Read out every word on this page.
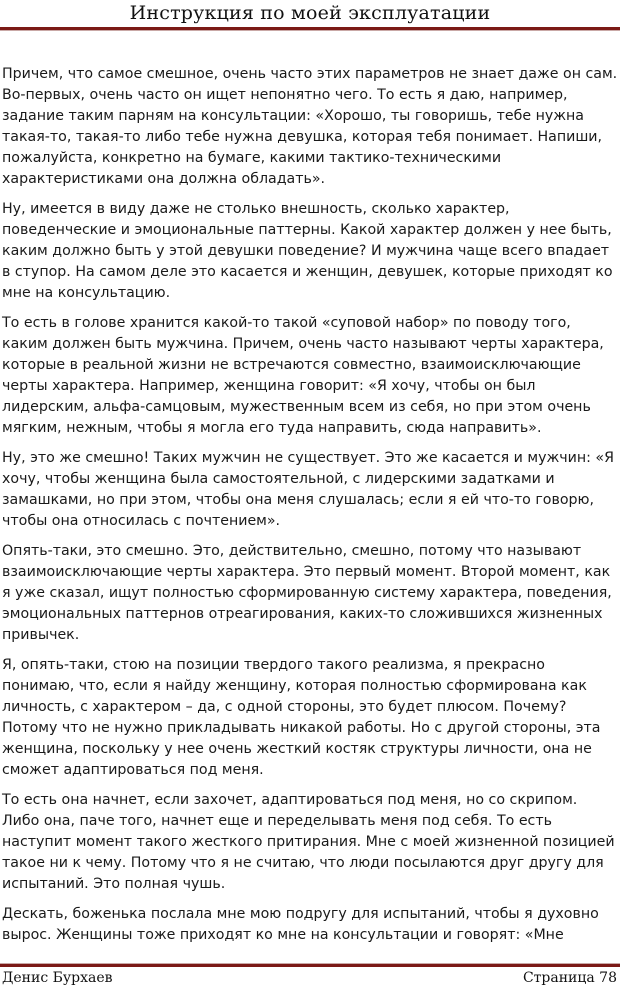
Инструкция по моей эксплуатации

Причем, что самое смешное, очень часто этих параметров не знает даже он сам. Во-первых, очень часто он ищет непонятно чего. То есть я даю, например, задание таким парням на консультации: «Хорошо, ты говоришь, тебе нужна такая-то, такая-то либо тебе нужна девушка, которая тебя понимает. Напиши, пожалуйста, конкретно на бумаге, какими тактико-техническими характеристиками она должна обладать».

Ну, имеется в виду даже не столько внешность, сколько характер, поведенческие и эмоциональные паттерны. Какой характер должен у нее быть, каким должно быть у этой девушки поведение? И мужчина чаще всего впадает в ступор. На самом деле это касается и женщин, девушек, которые приходят ко мне на консультацию.

То есть в голове хранится какой-то такой «суповой набор» по поводу того, каким должен быть мужчина. Причем, очень часто называют черты характера, которые в реальной жизни не встречаются совместно, взаимоисключающие черты характера. Например, женщина говорит: «Я хочу, чтобы он был лидерским, альфа-самцовым, мужественным всем из себя, но при этом очень мягким, нежным, чтобы я могла его туда направить, сюда направить».

Ну, это же смешно! Таких мужчин не существует. Это же касается и мужчин: «Я хочу, чтобы женщина была самостоятельной, с лидерскими задатками и замашками, но при этом, чтобы она меня слушалась; если я ей что-то говорю, чтобы она относилась с почтением».

Опять-таки, это смешно. Это, действительно, смешно, потому что называют взаимоисключающие черты характера. Это первый момент. Второй момент, как я уже сказал, ищут полностью сформированную систему характера, поведения, эмоциональных паттернов отреагирования, каких-то сложившихся жизненных привычек.

Я, опять-таки, стою на позиции твердого такого реализма, я прекрасно понимаю, что, если я найду женщину, которая полностью сформирована как личность, с характером – да, с одной стороны, это будет плюсом. Почему? Потому что не нужно прикладывать никакой работы. Но с другой стороны, эта женщина, поскольку у нее очень жесткий костяк структуры личности, она не сможет адаптироваться под меня.

То есть она начнет, если захочет, адаптироваться под меня, но со скрипом. Либо она, паче того, начнет еще и переделывать меня под себя. То есть наступит момент такого жесткого притирания. Мне с моей жизненной позицией такое ни к чему. Потому что я не считаю, что люди посылаются друг другу для испытаний. Это полная чушь.

Дескать, боженька послала мне мою подругу для испытаний, чтобы я духовно вырос. Женщины тоже приходят ко мне на консультации и говорят: «Мне

Денис Бурхаев	Страница 78
